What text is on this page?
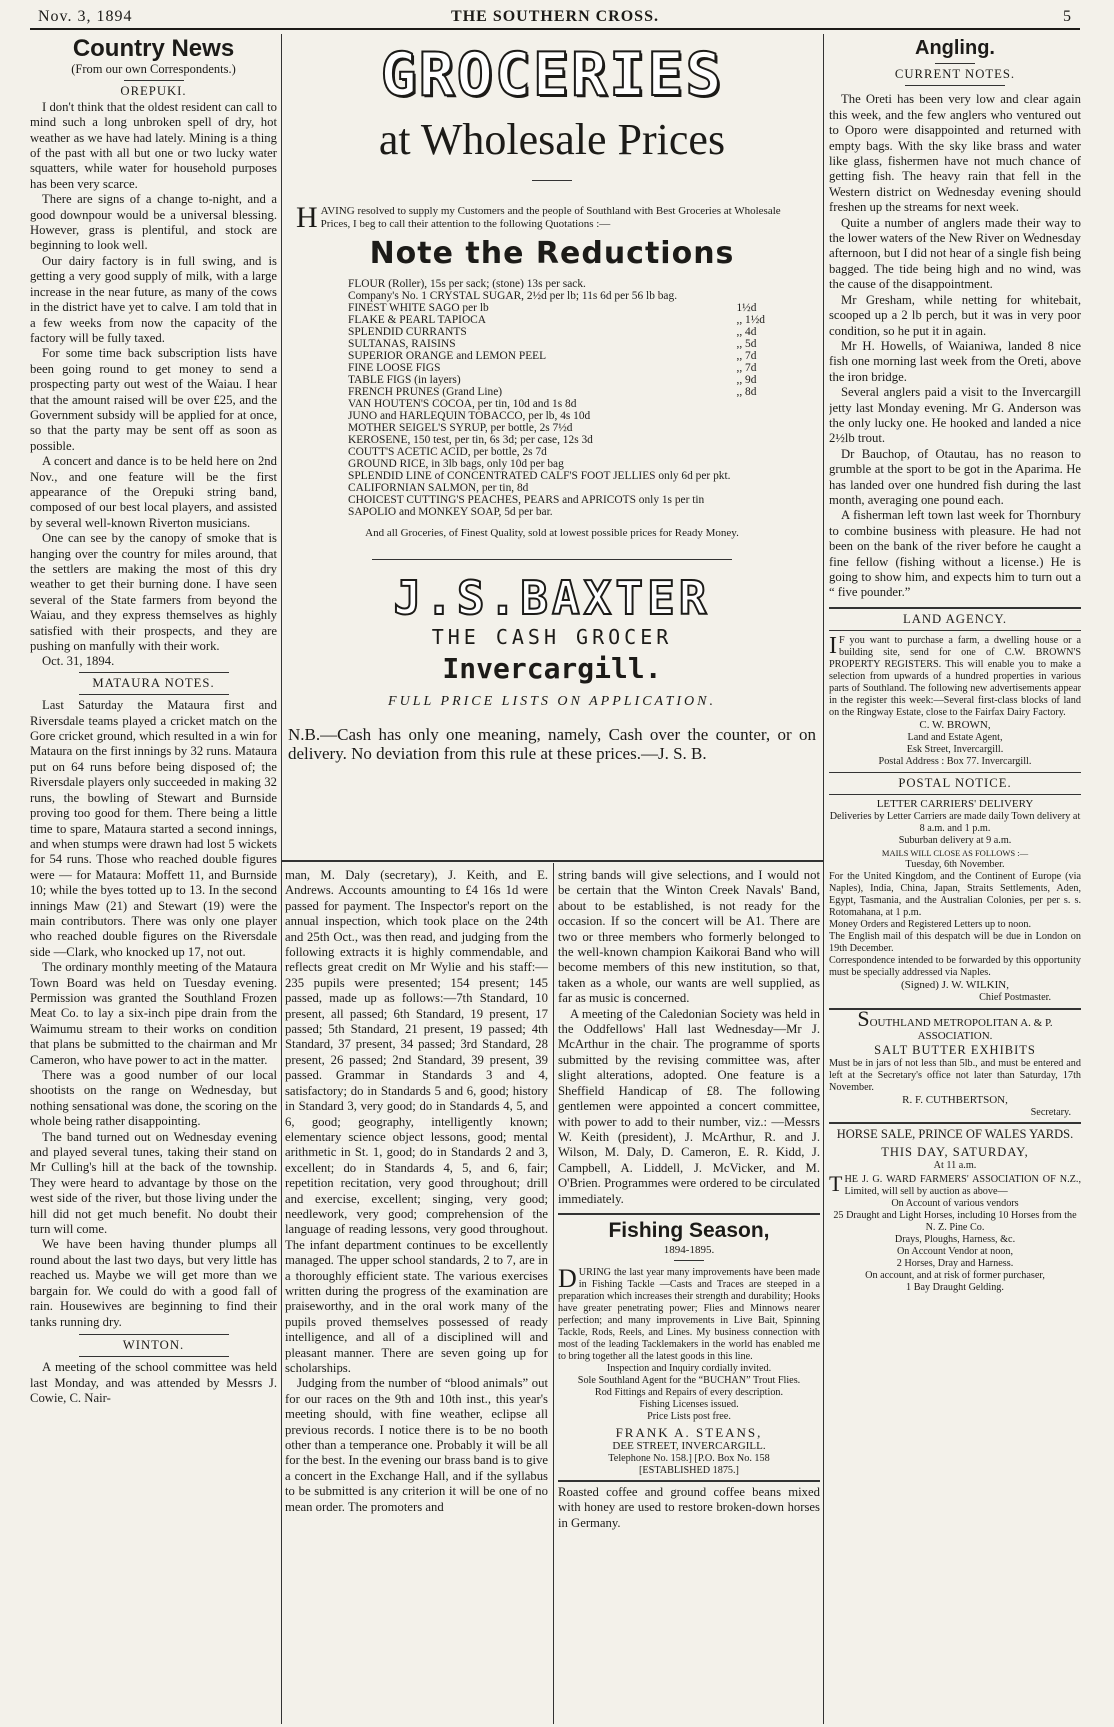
Nov. 3, 1894	THE SOUTHERN CROSS.	5
Country News
(From our own Correspondents.)
OREPUKI.

I don't think that the oldest resident can call to mind such a long unbroken spell of dry, hot weather as we have had lately. Mining is a thing of the past with all but one or two lucky water squatters, while water for household purposes has been very scarce.

There are signs of a change to-night, and a good downpour would be a universal blessing. However, grass is plentiful, and stock are beginning to look well.

Our dairy factory is in full swing, and is getting a very good supply of milk, with a large increase in the near future, as many of the cows in the district have yet to calve. I am told that in a few weeks from now the capacity of the factory will be fully taxed.

For some time back subscription lists have been going round to get money to send a prospecting party out west of the Waiau. I hear that the amount raised will be over £25, and the Government subsidy will be applied for at once, so that the party may be sent off as soon as possible.

A concert and dance is to be held here on 2nd Nov., and one feature will be the first appearance of the Orepuki string band, composed of our best local players, and assisted by several well-known Riverton musicians.

One can see by the canopy of smoke that is hanging over the country for miles around, that the settlers are making the most of this dry weather to get their burning done. I have seen several of the State farmers from beyond the Waiau, and they express themselves as highly satisfied with their prospects, and they are pushing on manfully with their work.

Oct. 31, 1894.

MATAURA NOTES.

Last Saturday the Mataura first and Riversdale teams played a cricket match on the Gore cricket ground, which resulted in a win for Mataura on the first innings by 32 runs. Mataura put on 64 runs before being disposed of; the Riversdale players only succeeded in making 32 runs, the bowling of Stewart and Burnside proving too good for them. There being a little time to spare, Mataura started a second innings, and when stumps were drawn had lost 5 wickets for 54 runs. Those who reached double figures were — for Mataura: Moffett 11, and Burnside 10; while the byes totted up to 13. In the second innings Maw (21) and Stewart (19) were the main contributors. There was only one player who reached double figures on the Riversdale side —Clark, who knocked up 17, not out.

The ordinary monthly meeting of the Mataura Town Board was held on Tuesday evening. Permission was granted the Southland Frozen Meat Co. to lay a six-inch pipe drain from the Waimumu stream to their works on condition that plans be submitted to the chairman and Mr Cameron, who have power to act in the matter.

There was a good number of our local shootists on the range on Wednesday, but nothing sensational was done, the scoring on the whole being rather disappointing.

The band turned out on Wednesday evening and played several tunes, taking their stand on Mr Culling's hill at the back of the township. They were heard to advantage by those on the west side of the river, but those living under the hill did not get much benefit. No doubt their turn will come.

We have been having thunder plumps all round about the last two days, but very little has reached us. Maybe we will get more than we bargain for. We could do with a good fall of rain. Housewives are beginning to find their tanks running dry.

WINTON.

A meeting of the school committee was held last Monday, and was attended by Messrs J. Cowie, C. Nair-

GROCERIES
at Wholesale Prices
H AVING resolved to supply my Customers and the people of Southland with Best Groceries at Wholesale Prices, I beg to call their attention to the following Quotations :—
Note the Reductions
FLOUR (Roller), 15s per sack; (stone) 13s per sack.	
Company's No. 1 CRYSTAL SUGAR, 2½d per lb; 11s 6d per 56 lb bag.	
FINEST WHITE SAGO per lb	1½d
FLAKE & PEARL TAPIOCA	,, 1½d
SPLENDID CURRANTS	,, 4d
SULTANAS, RAISINS	,, 5d
SUPERIOR ORANGE and LEMON PEEL	,, 7d
FINE LOOSE FIGS	,, 7d
TABLE FIGS (in layers)	,, 9d
FRENCH PRUNES (Grand Line)	,, 8d
VAN HOUTEN'S COCOA, per tin, 10d and 1s 8d	
JUNO and HARLEQUIN TOBACCO, per lb, 4s 10d	
MOTHER SEIGEL'S SYRUP, per bottle, 2s 7½d	
KEROSENE, 150 test, per tin, 6s 3d; per case, 12s 3d	
COUTT'S ACETIC ACID, per bottle, 2s 7d	
GROUND RICE, in 3lb bags, only 10d per bag	
SPLENDID LINE of CONCENTRATED CALF'S FOOT JELLIES only 6d per pkt.	
CALIFORNIAN SALMON, per tin, 8d	
CHOICEST CUTTING'S PEACHES, PEARS and APRICOTS only 1s per tin	
SAPOLIO and MONKEY SOAP, 5d per bar.	
And all Groceries, of Finest Quality, sold at lowest possible prices for Ready Money.
J.S.BAXTER
THE CASH GROCER
Invercargill.
FULL PRICE LISTS ON APPLICATION.
N.B.—Cash has only one meaning, namely, Cash over the counter, or on delivery. No deviation from this rule at these prices.—J. S. B.

man, M. Daly (secretary), J. Keith, and E. Andrews. Accounts amounting to £4 16s 1d were passed for payment. The Inspector's report on the annual inspection, which took place on the 24th and 25th Oct., was then read, and judging from the following extracts it is highly commendable, and reflects great credit on Mr Wylie and his staff:—235 pupils were presented; 154 present; 145 passed, made up as follows:—7th Standard, 10 present, all passed; 6th Standard, 19 present, 17 passed; 5th Standard, 21 present, 19 passed; 4th Standard, 37 present, 34 passed; 3rd Standard, 28 present, 26 passed; 2nd Standard, 39 present, 39 passed. Grammar in Standards 3 and 4, satisfactory; do in Standards 5 and 6, good; history in Standard 3, very good; do in Standards 4, 5, and 6, good; geography, intelligently known; elementary science object lessons, good; mental arithmetic in St. 1, good; do in Standards 2 and 3, excellent; do in Standards 4, 5, and 6, fair; repetition recitation, very good throughout; drill and exercise, excellent; singing, very good; needlework, very good; comprehension of the language of reading lessons, very good throughout. The infant department continues to be excellently managed. The upper school standards, 2 to 7, are in a thoroughly efficient state. The various exercises written during the progress of the examination are praiseworthy, and in the oral work many of the pupils proved themselves possessed of ready intelligence, and all of a disciplined will and pleasant manner. There are seven going up for scholarships.

Judging from the number of “blood animals” out for our races on the 9th and 10th inst., this year's meeting should, with fine weather, eclipse all previous records. I notice there is to be no booth other than a temperance one. Probably it will be all for the best. In the evening our brass band is to give a concert in the Exchange Hall, and if the syllabus to be submitted is any criterion it will be one of no mean order. The promoters and

string bands will give selections, and I would not be certain that the Winton Creek Navals' Band, about to be established, is not ready for the occasion. If so the concert will be A1. There are two or three members who formerly belonged to the well-known champion Kaikorai Band who will become members of this new institution, so that, taken as a whole, our wants are well supplied, as far as music is concerned.

A meeting of the Caledonian Society was held in the Oddfellows' Hall last Wednesday—Mr J. McArthur in the chair. The programme of sports submitted by the revising committee was, after slight alterations, adopted. One feature is a Sheffield Handicap of £8. The following gentlemen were appointed a concert committee, with power to add to their number, viz.: —Messrs W. Keith (president), J. McArthur, R. and J. Wilson, M. Daly, D. Cameron, E. R. Kidd, J. Campbell, A. Liddell, J. McVicker, and M. O'Brien. Programmes were ordered to be circulated immediately.

Fishing Season,
1894-1895.
D URING the last year many improvements have been made in Fishing Tackle —Casts and Traces are steeped in a preparation which increases their strength and durability; Hooks have greater penetrating power; Flies and Minnows nearer perfection; and many improvements in Live Bait, Spinning Tackle, Rods, Reels, and Lines. My business connection with most of the leading Tacklemakers in the world has enabled me to bring together all the latest goods in this line.
Inspection and Inquiry cordially invited.
Sole Southland Agent for the “BUCHAN” Trout Flies.
Rod Fittings and Repairs of every description.
Fishing Licenses issued.
Price Lists post free.
FRANK A. STEANS,
DEE STREET, INVERCARGILL.
Telephone No. 158.] [P.O. Box No. 158
[ESTABLISHED 1875.]

Roasted coffee and ground coffee beans mixed with honey are used to restore broken-down horses in Germany.

Angling.
CURRENT NOTES.

The Oreti has been very low and clear again this week, and the few anglers who ventured out to Oporo were disappointed and returned with empty bags. With the sky like brass and water like glass, fishermen have not much chance of getting fish. The heavy rain that fell in the Western district on Wednesday evening should freshen up the streams for next week.

Quite a number of anglers made their way to the lower waters of the New River on Wednesday afternoon, but I did not hear of a single fish being bagged. The tide being high and no wind, was the cause of the disappointment.

Mr Gresham, while netting for whitebait, scooped up a 2 lb perch, but it was in very poor condition, so he put it in again.

Mr H. Howells, of Waianiwa, landed 8 nice fish one morning last week from the Oreti, above the iron bridge.

Several anglers paid a visit to the Invercargill jetty last Monday evening. Mr G. Anderson was the only lucky one. He hooked and landed a nice 2½lb trout.

Dr Bauchop, of Otautau, has no reason to grumble at the sport to be got in the Aparima. He has landed over one hundred fish during the last month, averaging one pound each.

A fisherman left town last week for Thornbury to combine business with pleasure. He had not been on the bank of the river before he caught a fine fellow (fishing without a license.) He is going to show him, and expects him to turn out a “ five pounder.”

LAND AGENCY.
I F you want to purchase a farm, a dwelling house or a building site, send for one of C.W. BROWN'S PROPERTY REGISTERS. This will enable you to make a selection from upwards of a hundred properties in various parts of Southland. The following new advertisements appear in the register this week:—Several first-class blocks of land on the Ringway Estate, close to the Fairfax Dairy Factory.
C. W. BROWN,
Land and Estate Agent,
Esk Street, Invercargill.
Postal Address : Box 77. Invercargill.
POSTAL NOTICE.
LETTER CARRIERS' DELIVERY
Deliveries by Letter Carriers are made daily Town delivery at 8 a.m. and 1 p.m.
Suburban delivery at 9 a.m.
MAILS WILL CLOSE AS FOLLOWS :—
Tuesday, 6th November.
For the United Kingdom, and the Continent of Europe (via Naples), India, China, Japan, Straits Settlements, Aden, Egypt, Tasmania, and the Australian Colonies, per per s. s. Rotomahana, at 1 p.m.
Money Orders and Registered Letters up to noon.
The English mail of this despatch will be due in London on 19th December.
Correspondence intended to be forwarded by this opportunity must be specially addressed via Naples.
(Signed) J. W. WILKIN,
Chief Postmaster.
SOUTHLAND METROPOLITAN A. & P. ASSOCIATION.
SALT BUTTER EXHIBITS
Must be in jars of not less than 5lb., and must be entered and left at the Secretary's office not later than Saturday, 17th November.
R. F. CUTHBERTSON,
Secretary.
HORSE SALE, PRINCE OF WALES YARDS.
THIS DAY, SATURDAY,
At 11 a.m.
T HE J. G. WARD FARMERS' ASSOCIATION OF N.Z., Limited, will sell by auction as above—
On Account of various vendors
25 Draught and Light Horses, including 10 Horses from the N. Z. Pine Co.
Drays, Ploughs, Harness, &c.
On Account Vendor at noon,
2 Horses, Dray and Harness.
On account, and at risk of former purchaser,
1 Bay Draught Gelding.
